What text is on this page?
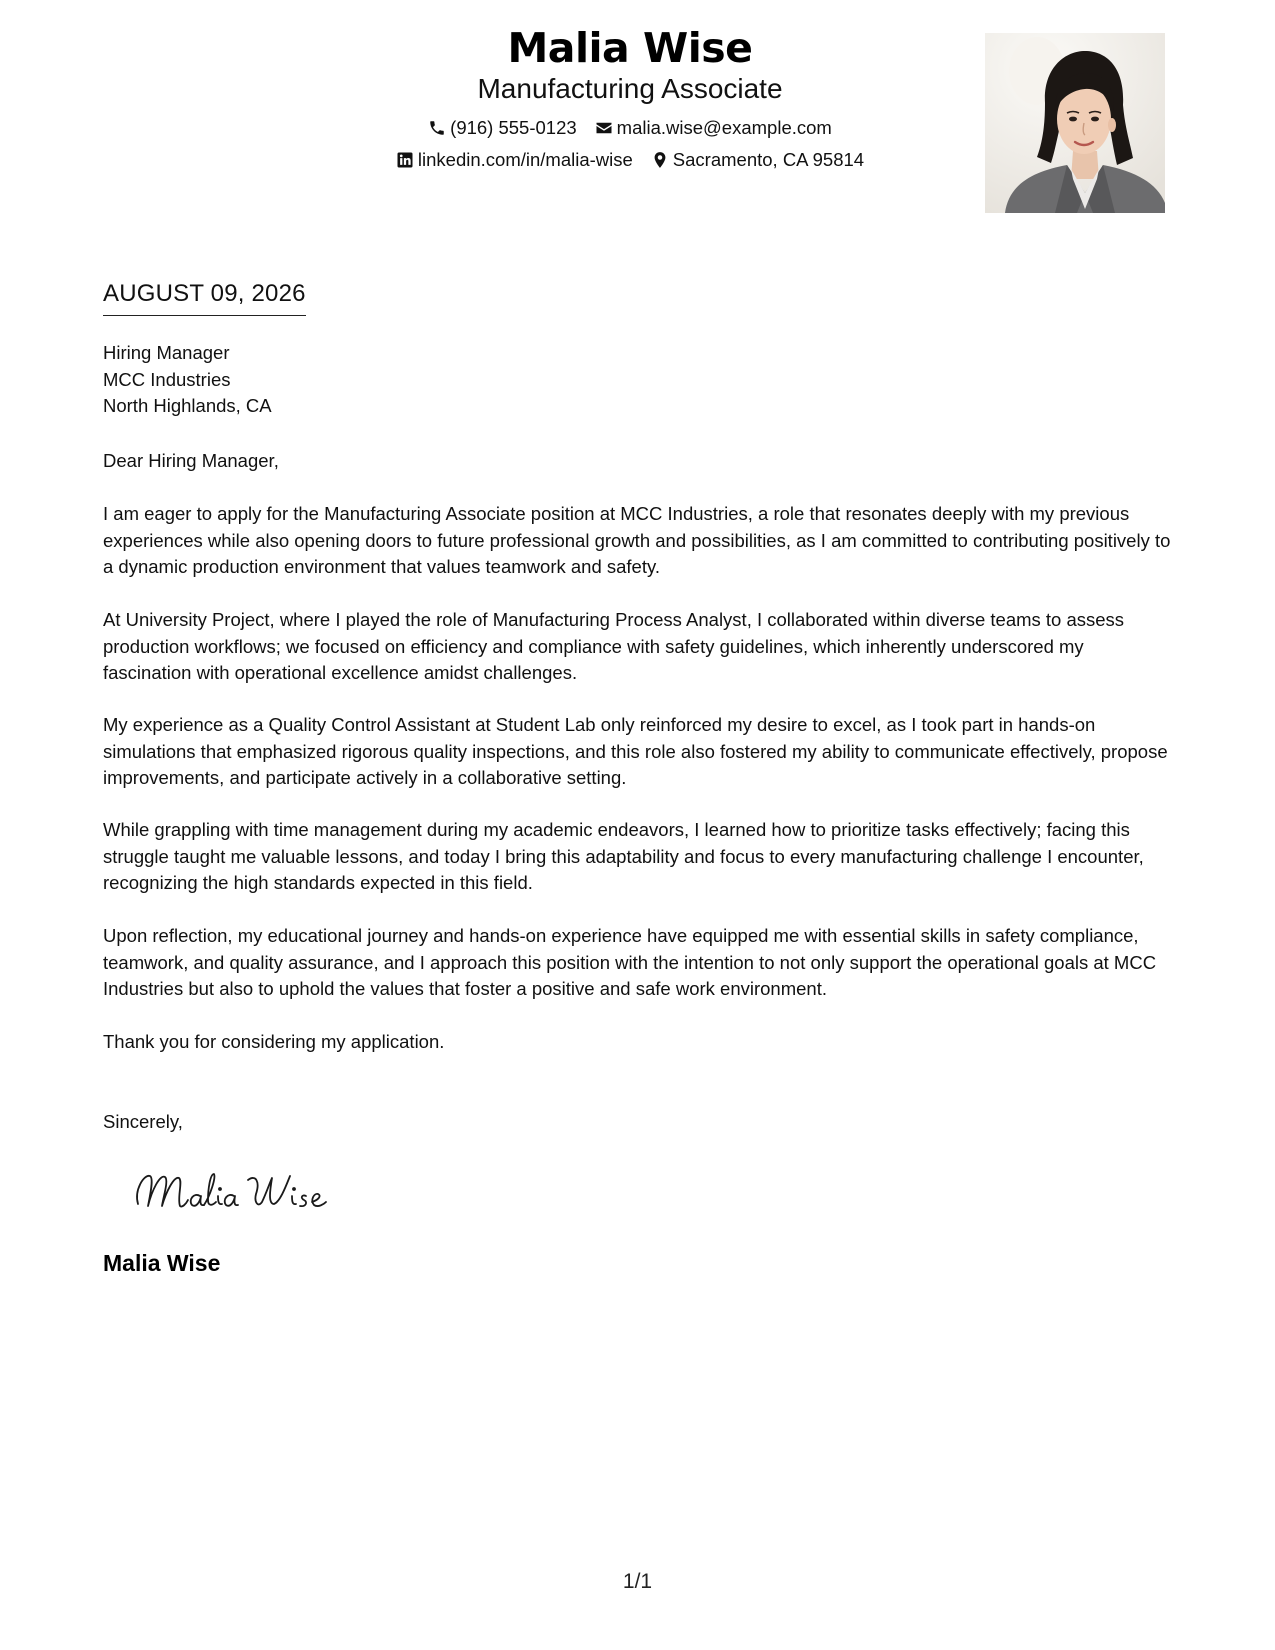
Malia Wise
Manufacturing Associate
(916) 555-0123 malia.wise@example.com
linkedin.com/in/malia-wise Sacramento, CA 95814
AUGUST 09, 2026
Hiring Manager
MCC Industries
North Highlands, CA
Dear Hiring Manager,

I am eager to apply for the Manufacturing Associate position at MCC Industries, a role that resonates deeply with my previous experiences while also opening doors to future professional growth and possibilities, as I am committed to contributing positively to a dynamic production environment that values teamwork and safety.

At University Project, where I played the role of Manufacturing Process Analyst, I collaborated within diverse teams to assess production workflows; we focused on efficiency and compliance with safety guidelines, which inherently underscored my fascination with operational excellence amidst challenges.

My experience as a Quality Control Assistant at Student Lab only reinforced my desire to excel, as I took part in hands-on simulations that emphasized rigorous quality inspections, and this role also fostered my ability to communicate effectively, propose improvements, and participate actively in a collaborative setting.

While grappling with time management during my academic endeavors, I learned how to prioritize tasks effectively; facing this struggle taught me valuable lessons, and today I bring this adaptability and focus to every manufacturing challenge I encounter, recognizing the high standards expected in this field.

Upon reflection, my educational journey and hands-on experience have equipped me with essential skills in safety compliance, teamwork, and quality assurance, and I approach this position with the intention to not only support the operational goals at MCC Industries but also to uphold the values that foster a positive and safe work environment.

Thank you for considering my application.
Sincerely,
Malia Wise
1/1
